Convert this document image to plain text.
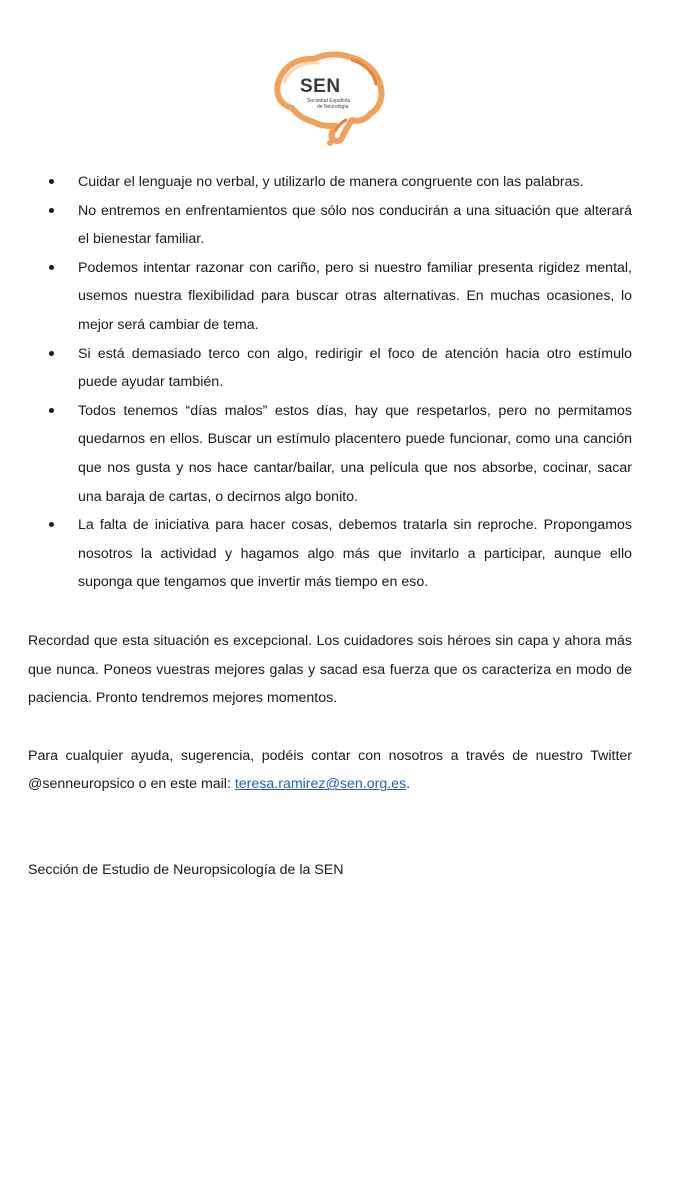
SEN
Sociedad Española
de Neurología
Cuidar el lenguaje no verbal, y utilizarlo de manera congruente con las palabras.
No entremos en enfrentamientos que sólo nos conducirán a una situación que alterará el bienestar familiar.
Podemos intentar razonar con cariño, pero si nuestro familiar presenta rigidez mental, usemos nuestra flexibilidad para buscar otras alternativas. En muchas ocasiones, lo mejor será cambiar de tema.
Si está demasiado terco con algo, redirigir el foco de atención hacia otro estímulo puede ayudar también.
Todos tenemos “días malos” estos días, hay que respetarlos, pero no permitamos quedarnos en ellos. Buscar un estímulo placentero puede funcionar, como una canción que nos gusta y nos hace cantar/bailar, una película que nos absorbe, cocinar, sacar una baraja de cartas, o decirnos algo bonito.
La falta de iniciativa para hacer cosas, debemos tratarla sin reproche. Propongamos nosotros la actividad y hagamos algo más que invitarlo a participar, aunque ello suponga que tengamos que invertir más tiempo en eso.

Recordad que esta situación es excepcional. Los cuidadores sois héroes sin capa y ahora más que nunca. Poneos vuestras mejores galas y sacad esa fuerza que os caracteriza en modo de paciencia. Pronto tendremos mejores momentos.

Para cualquier ayuda, sugerencia, podéis contar con nosotros a través de nuestro Twitter @senneuropsico o en este mail: teresa.ramirez@sen.org.es.

Sección de Estudio de Neuropsicología de la SEN
